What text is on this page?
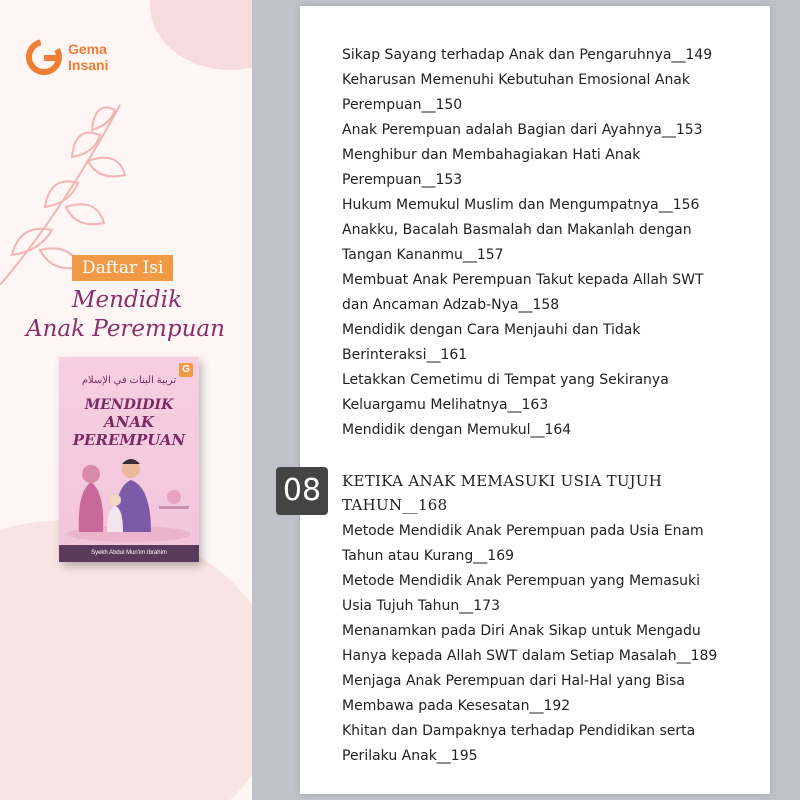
Gema
Insani
Daftar Isi
Mendidik
Anak Perempuan
G
تربية البنات في الإسلام
MENDIDIK
ANAK PEREMPUAN
Syekh Abdul Mun'im Ibrahim
Sikap Sayang terhadap Anak dan Pengaruhnya__149
Keharusan Memenuhi Kebutuhan Emosional Anak
Perempuan__150
Anak Perempuan adalah Bagian dari Ayahnya__153
Menghibur dan Membahagiakan Hati Anak
Perempuan__153
Hukum Memukul Muslim dan Mengumpatnya__156
Anakku, Bacalah Basmalah dan Makanlah dengan
Tangan Kananmu__157
Membuat Anak Perempuan Takut kepada Allah SWT
dan Ancaman Adzab-Nya__158
Mendidik dengan Cara Menjauhi dan Tidak
Berinteraksi__161
Letakkan Cemetimu di Tempat yang Sekiranya
Keluargamu Melihatnya__163
Mendidik dengan Memukul__164
08	KETIKA ANAK MEMASUKI USIA TUJUH
TAHUN__168
Metode Mendidik Anak Perempuan pada Usia Enam
Tahun atau Kurang__169
Metode Mendidik Anak Perempuan yang Memasuki
Usia Tujuh Tahun__173
Menanamkan pada Diri Anak Sikap untuk Mengadu
Hanya kepada Allah SWT dalam Setiap Masalah__189
Menjaga Anak Perempuan dari Hal-Hal yang Bisa
Membawa pada Kesesatan__192
Khitan dan Dampaknya terhadap Pendidikan serta
Perilaku Anak__195
